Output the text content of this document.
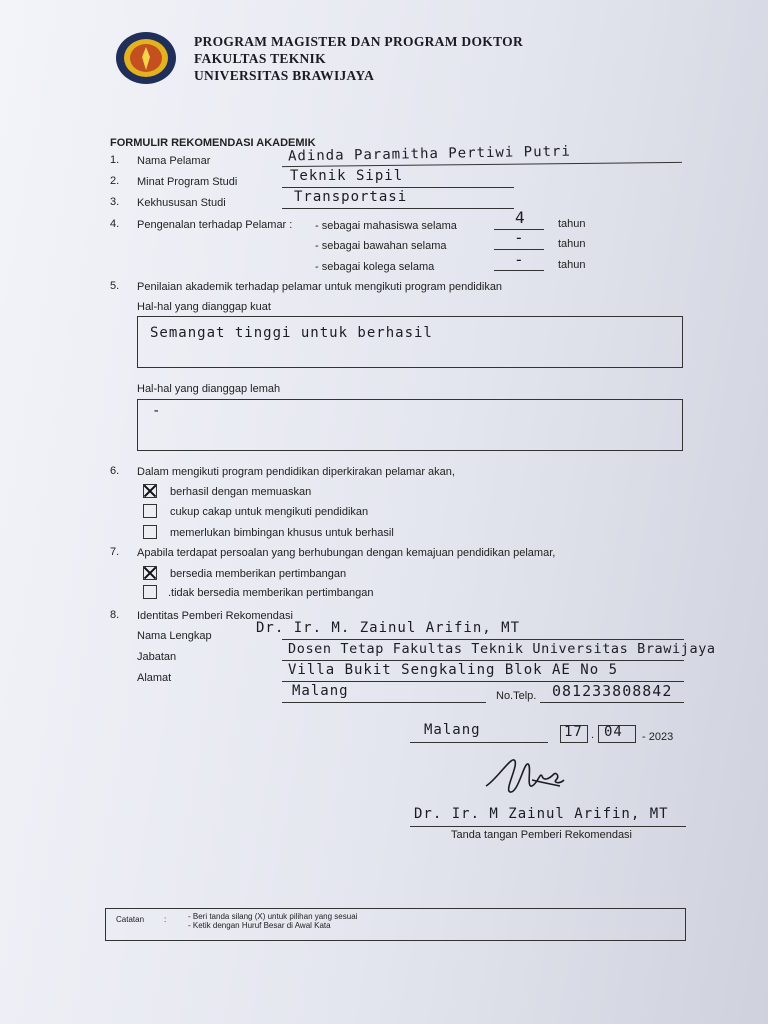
PROGRAM MAGISTER DAN PROGRAM DOKTOR
FAKULTAS TEKNIK
UNIVERSITAS BRAWIJAYA
FORMULIR REKOMENDASI AKADEMIK
1. Nama Pelamar	Adinda Paramitha Pertiwi Putri
2. Minat Program Studi	Teknik Sipil
3. Kekhususan Studi	Transportasi
4. Pengenalan terhadap Pelamar : - sebagai mahasiswa selama	4	tahun
- sebagai bawahan selama	-	tahun
- sebagai kolega selama	-	tahun
5. Penilaian akademik terhadap pelamar untuk mengikuti program pendidikan
Hal-hal yang dianggap kuat
Semangat tinggi untuk berhasil
Hal-hal yang dianggap lemah
-
6. Dalam mengikuti program pendidikan diperkirakan pelamar akan,
berhasil dengan memuaskan
cukup cakap untuk mengikuti pendidikan
memerlukan bimbingan khusus untuk berhasil
7. Apabila terdapat persoalan yang berhubungan dengan kemajuan pendidikan pelamar,
bersedia memberikan pertimbangan
.tidak bersedia memberikan pertimbangan
8. Identitas Pemberi Rekomendasi
Nama Lengkap	Dr. Ir. M. Zainul Arifin, MT
Jabatan	Dosen Tetap Fakultas Teknik Universitas Brawijaya
Alamat	Villa Bukit Sengkaling Blok AE No 5
Malang	No.Telp. 081233808842
Malang	17 . 04 - 2023
Dr. Ir. M Zainul Arifin, MT
Tanda tangan Pemberi Rekomendasi
Catatan :	- Beri tanda silang (X) untuk pilihan yang sesuai
- Ketik dengan Huruf Besar di Awal Kata
